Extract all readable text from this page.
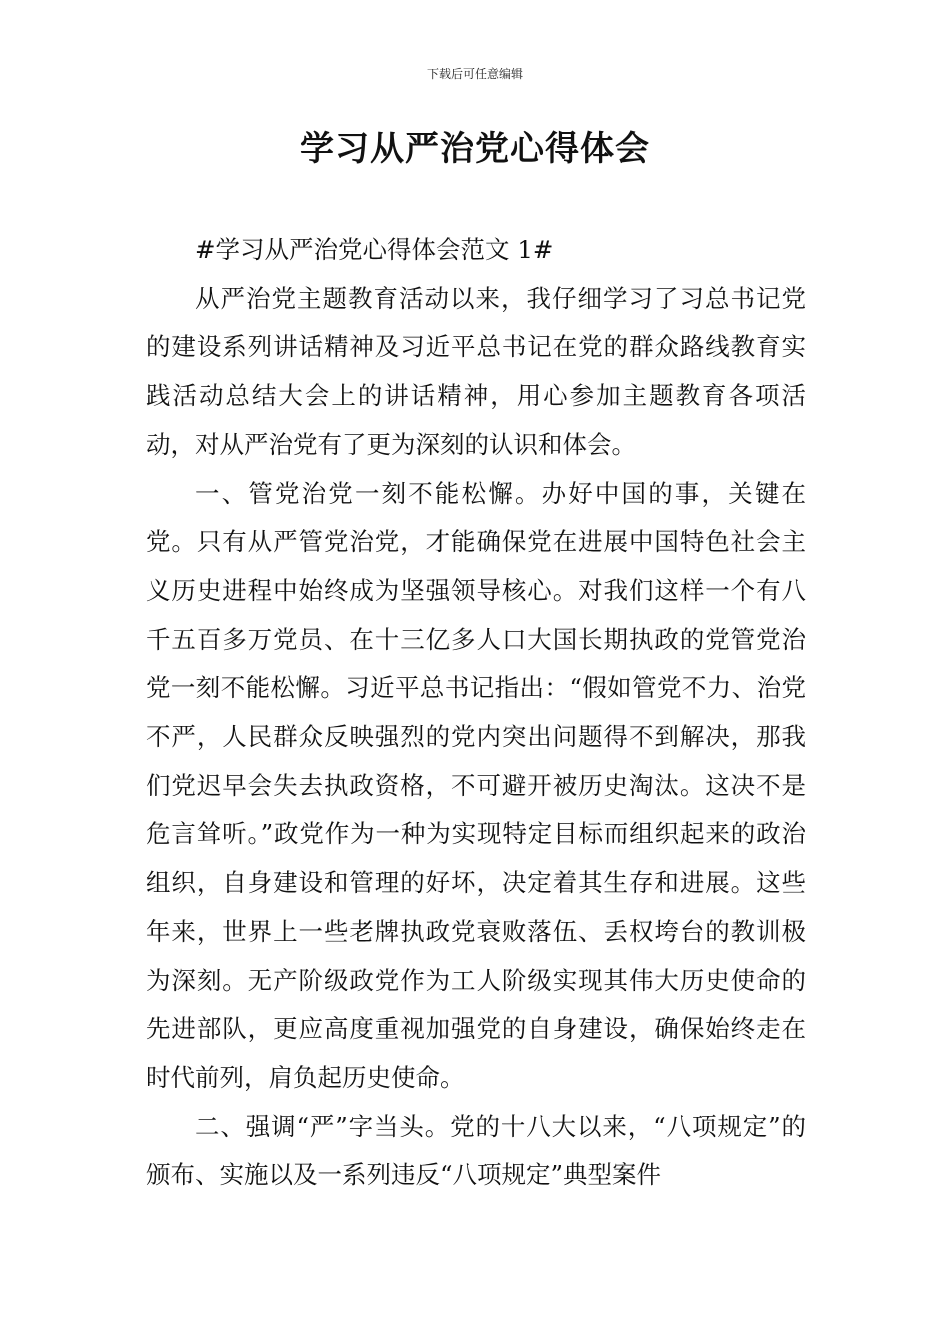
下载后可任意编辑
学习从严治党心得体会

#学习从严治党心得体会范文 1#

从严治党主题教育活动以来，我仔细学习了习总书记党的建设系列讲话精神及习近平总书记在党的群众路线教育实践活动总结大会上的讲话精神，用心参加主题教育各项活动，对从严治党有了更为深刻的认识和体会。

一、管党治党一刻不能松懈。办好中国的事，关键在党。只有从严管党治党，才能确保党在进展中国特色社会主义历史进程中始终成为坚强领导核心。对我们这样一个有八千五百多万党员、在十三亿多人口大国长期执政的党管党治党一刻不能松懈。习近平总书记指出：“假如管党不力、治党不严，人民群众反映强烈的党内突出问题得不到解决，那我们党迟早会失去执政资格，不可避开被历史淘汰。这决不是危言耸听。”政党作为一种为实现特定目标而组织起来的政治组织，自身建设和管理的好坏，决定着其生存和进展。这些年来，世界上一些老牌执政党衰败落伍、丢权垮台的教训极为深刻。无产阶级政党作为工人阶级实现其伟大历史使命的先进部队，更应高度重视加强党的自身建设，确保始终走在时代前列，肩负起历史使命。

二、强调“严”字当头。党的十八大以来，“八项规定”的颁布、实施以及一系列违反“八项规定”典型案件
